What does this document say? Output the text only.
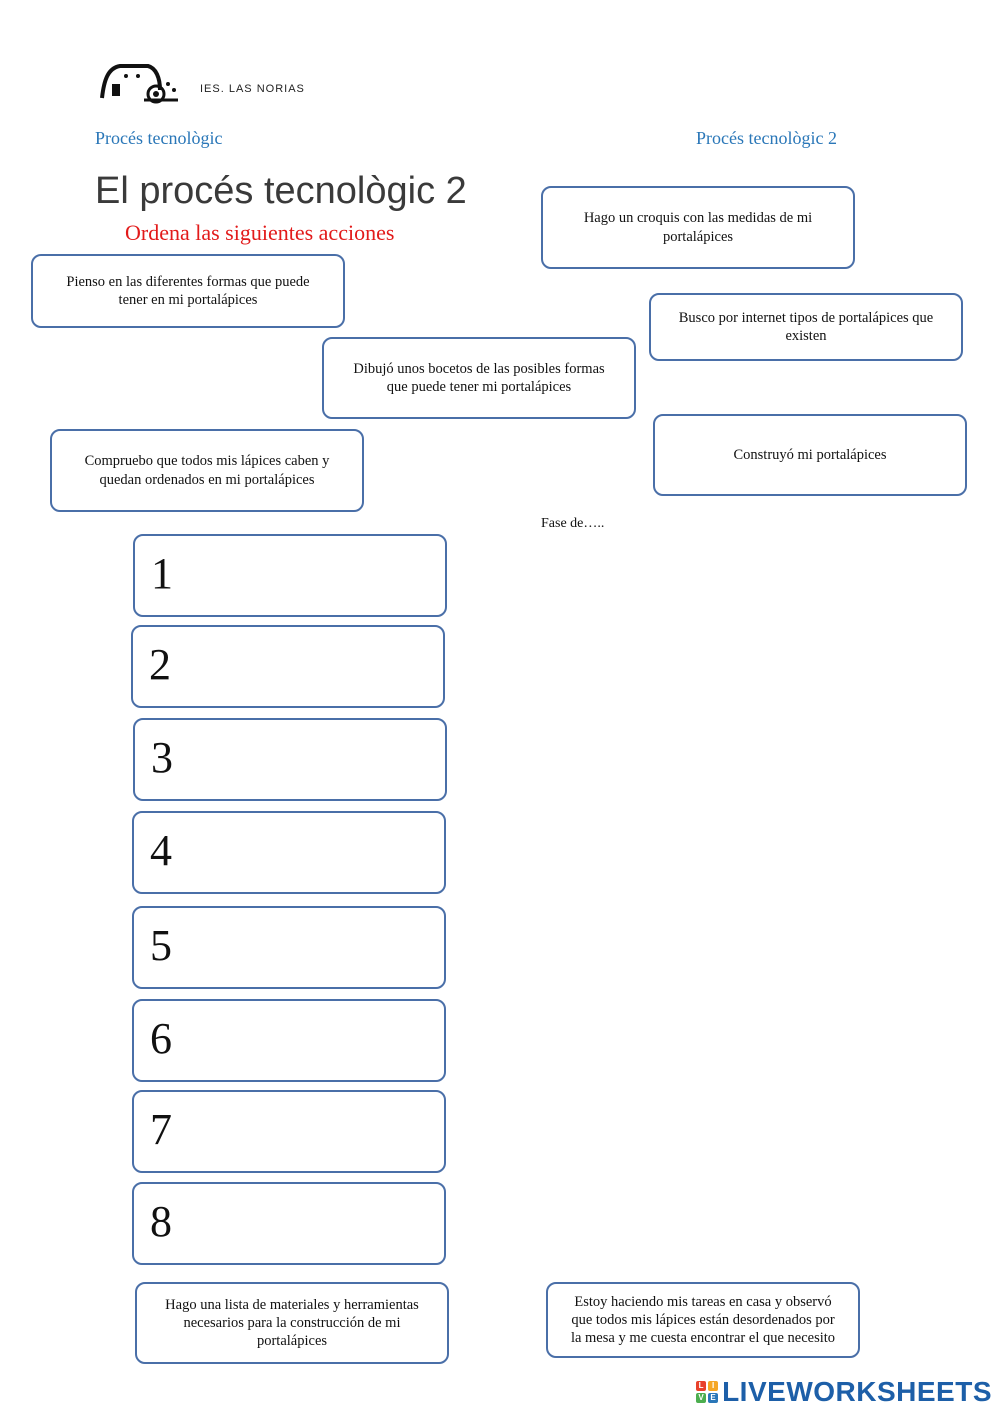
IES. LAS NORIAS
Procés tecnològic	Procés tecnològic 2
El procés tecnològic 2
Ordena las siguientes acciones
Hago un croquis con las medidas de mi portalápices
Pienso en las diferentes formas que puede tener en mi portalápices
Busco por internet tipos de portalápices que existen
Dibujó unos bocetos de las posibles formas que puede tener mi portalápices
Compruebo que todos mis lápices caben y quedan ordenados en mi portalápices
Construyó mi portalápices
Fase de…..
1
2
3
4
5
6
7
8
Hago una lista de materiales y herramientas necesarios para la construcción de mi portalápices
Estoy haciendo mis tareas en casa y observó que todos mis lápices están desordenados por la mesa y me cuesta encontrar el que necesito
L	I
V E LIVEWORKSHEETS
